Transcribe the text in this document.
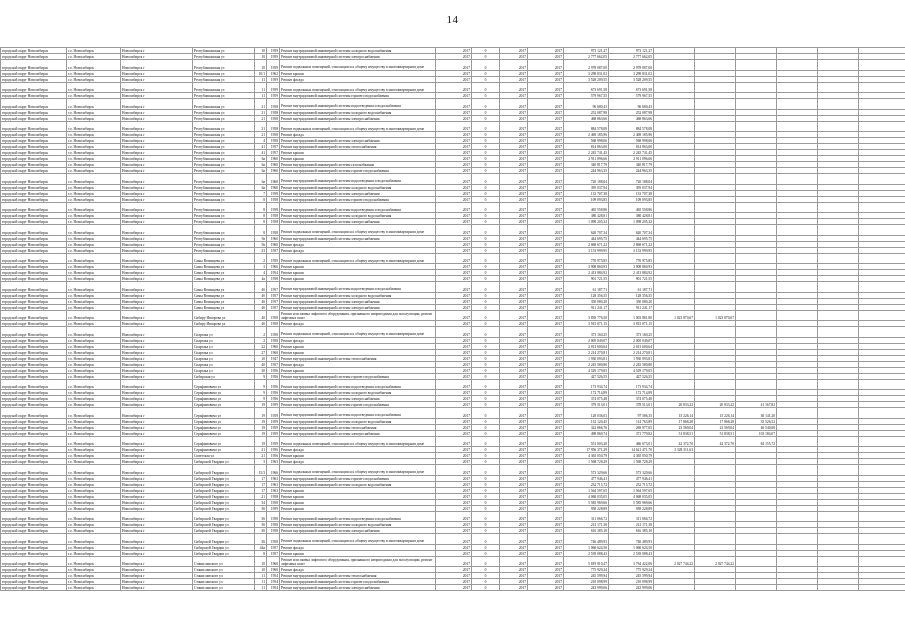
14
городской округ Новосибирск	г.о. Новосибирск	Новосибирск г	Республиканская ул	10	1959	Ремонт внутридомовой инженерной системы холодного водоснабжения	2017	0	2017	2017	973 121,27	973 121,27						
городской округ Новосибирск	г.о. Новосибирск	Новосибирск г	Республиканская ул	10	1959	Ремонт внутридомовой инженерной системы электроснабжения	2017	0	2017	2017	2 777 662,05	2 777 662,05						
городской округ Новосибирск	г.о. Новосибирск	Новосибирск г	Республиканская ул	10	1959	Ремонт подвальных помещений, относящихся к общему имуществу в многоквартирном доме	2017	0	2017	2017	2 978 087,00	2 978 087,00						
городской округ Новосибирск	г.о. Новосибирск	Новосибирск г	Республиканская ул	10/1	1962	Ремонт крыши	2017	0	2017	2017	3 298 831,02	3 298 831,02						
городской округ Новосибирск	г.о. Новосибирск	Новосибирск г	Республиканская ул	11	1959	Ремонт фасада	2017	0	2017	2017	3 528 209,55	3 528 209,55						
городской округ Новосибирск	г.о. Новосибирск	Новосибирск г	Республиканская ул	11	1959	Ремонт подвальных помещений, относящихся к общему имуществу в многоквартирном доме	2017	0	2017	2017	673 691,58	673 691,58						
городской округ Новосибирск	г.о. Новосибирск	Новосибирск г	Республиканская ул	11	1959	Ремонт внутридомовой инженерной системы горячего водоснабжения	2017	0	2017	2017	579 967,55	579 967,55						
городской округ Новосибирск	г.о. Новосибирск	Новосибирск г	Республиканская ул	21	1958	Ремонт внутридомовой инженерной системы водоотведения и водоснабжения	2017	0	2017	2017	96 680,43	96 680,43						
городской округ Новосибирск	г.о. Новосибирск	Новосибирск г	Республиканская ул	21	1958	Ремонт внутридомовой инженерной системы холодного водоснабжения	2017	0	2017	2017	252 087,98	252 087,98						
городской округ Новосибирск	г.о. Новосибирск	Новосибирск г	Республиканская ул	21	1958	Ремонт внутридомовой инженерной системы электроснабжения	2017	0	2017	2017	468 863,66	468 863,66						
городской округ Новосибирск	г.о. Новосибирск	Новосибирск г	Республиканская ул	21	1958	Ремонт подвальных помещений, относящихся к общему имуществу в многоквартирном доме	2017	0	2017	2017	884 578,08	884 578,08						
городской округ Новосибирск	г.о. Новосибирск	Новосибирск г	Республиканская ул	21	1958	Ремонт фасада	2017	0	2017	2017	2 469 185,96	2 469 185,96						
городской округ Новосибирск	г.о. Новосибирск	Новосибирск г	Республиканская ул	4	1958	Ремонт внутридомовой инженерной системы электроснабжения	2017	0	2017	2017	568 998,06	568 998,06						
городской округ Новосибирск	г.о. Новосибирск	Новосибирск г	Республиканская ул	41	1957	Ремонт внутридомовой инженерной системы теплоснабжения	2017	0	2017	2017	814 863,00	814 863,00						
городской округ Новосибирск	г.о. Новосибирск	Новосибирск г	Республиканская ул	41	1957	Ремонт крыши	2017	0	2017	2017	2 245 741,45	2 245 741,45						
городской округ Новосибирск	г.о. Новосибирск	Новосибирск г	Республиканская ул	6а	1960	Ремонт крыши	2017	0	2017	2017	2 911 096,66	2 911 096,66						
городской округ Новосибирск	г.о. Новосибирск	Новосибирск г	Республиканская ул	6а	1960	Ремонт внутридомовой инженерной системы газоснабжения	2017	0	2017	2017	340 817,79	340 817,79						
городской округ Новосибирск	г.о. Новосибирск	Новосибирск г	Республиканская ул	6а	1960	Ремонт внутридомовой инженерной системы горячего водоснабжения	2017	0	2017	2017	244 963,35	244 963,35						
городской округ Новосибирск	г.о. Новосибирск	Новосибирск г	Республиканская ул	6а	1960	Ремонт внутридомовой инженерной системы водоотведения и водоснабжения	2017	0	2017	2017	720 188,04	720 188,04						
городской округ Новосибирск	г.о. Новосибирск	Новосибирск г	Республиканская ул	6а	1960	Ремонт внутридомовой инженерной системы холодного водоснабжения	2017	0	2017	2017	395 037,94	395 037,94						
городской округ Новосибирск	г.о. Новосибирск	Новосибирск г	Республиканская ул	7	1958	Ремонт внутридомовой инженерной системы электроснабжения	2017	0	2017	2017	133 707,38	133 707,38						
городской округ Новосибирск	г.о. Новосибирск	Новосибирск г	Республиканская ул	8	1958	Ремонт внутридомовой инженерной системы горячего водоснабжения	2017	0	2017	2017	109 093,85	109 093,85						
городской округ Новосибирск	г.о. Новосибирск	Новосибирск г	Республиканская ул	8	1958	Ремонт внутридомовой инженерной системы водоотведения и водоснабжения	2017	0	2017	2017	465 558,86	465 558,86						
городской округ Новосибирск	г.о. Новосибирск	Новосибирск г	Республиканская ул	8	1958	Ремонт внутридомовой инженерной системы холодного водоснабжения	2017	0	2017	2017	380 428,81	380 428,81						
городской округ Новосибирск	г.о. Новосибирск	Новосибирск г	Республиканская ул	8	1958	Ремонт внутридомовой инженерной системы электроснабжения	2017	0	2017	2017	1 098 205,32	1 098 205,32						
городской округ Новосибирск	г.о. Новосибирск	Новосибирск г	Республиканская ул	8	1958	Ремонт подвальных помещений, относящихся к общему имуществу в многоквартирном доме	2017	0	2017	2017	620 707,34	620 707,34						
городской округ Новосибирск	г.о. Новосибирск	Новосибирск г	Республиканская ул	9а	1960	Ремонт внутридомовой инженерной системы электроснабжения	2017	0	2017	2017	444 695,75	444 695,75						
городской округ Новосибирск	г.о. Новосибирск	Новосибирск г	Республиканская ул	9а	1960	Ремонт фасада	2017	0	2017	2017	2 868 671,22	2 868 671,22						
городской округ Новосибирск	г.о. Новосибирск	Новосибирск г	Республиканская ул	23	1957	Ремонт фасада	2017	0	2017	2017	3 153 999,95	3 153 999,95						
городской округ Новосибирск	г.о. Новосибирск	Новосибирск г	Самы Вотинцева ул	2	1959	Ремонт подвальных помещений, относящихся к общему имуществу в многоквартирном доме	2017	0	2017	2017	770 975,85	770 975,85						
городской округ Новосибирск	г.о. Новосибирск	Новосибирск г	Самы Вотинцева ул	3	1960	Ремонт крыши	2017	0	2017	2017	3 908 860,93	3 908 860,93						
городской округ Новосибирск	г.о. Новосибирск	Новосибирск г	Самы Вотинцева ул	4	1954	Ремонт крыши	2017	0	2017	2017	2 413 884,92	2 413 884,92						
городской округ Новосибирск	г.о. Новосибирск	Новосибирск г	Самы Вотинцева ул	4а	1958	Ремонт крыши	2017	0	2017	2017	901 721,55	901 721,55						
городской округ Новосибирск	г.о. Новосибирск	Новосибирск г	Самы Вотинцева ул	4б	1957	Ремонт внутридомовой инженерной системы водоотведения и водоснабжения	2017	0	2017	2017	61 187,71	61 187,71						
городской округ Новосибирск	г.о. Новосибирск	Новосибирск г	Самы Вотинцева ул	4б	1957	Ремонт внутридомовой инженерной системы холодного водоснабжения	2017	0	2017	2017	128 356,55	128 356,55						
городской округ Новосибирск	г.о. Новосибирск	Новосибирск г	Самы Вотинцева ул	4б	1957	Ремонт внутридомовой инженерной системы электроснабжения	2017	0	2017	2017	350 080,20	350 080,20						
городской округ Новосибирск	г.о. Новосибирск	Новосибирск г	Самы Вотинцева ул	4б	1957	Ремонт внутридомовой инженерной системы электроснабжения	2017	0	2017	2017	911 241,17	911 241,17						
городской округ Новосибирск	г.о. Новосибирск	Новосибирск г	Сибиру Ивоорева ул	4б	1958	Ремонт или замена лифтового оборудования, признанного непригодным для эксплуатации, ремонт лифтовых шахт	2017	0	2017	2017	3 839 776,50	1 003 881,80	1 023 870,67	1 023 870,67				
городской округ Новосибирск	г.о. Новосибирск	Новосибирск г	Сибиру Ивоорева ул	4б	1958	Ремонт фасада	2017	0	2017	2017	3 915 071,15	3 915 071,15						
городской округ Новосибирск	г.о. Новосибирск	Новосибирск г	Спартака ул	2	1958	Ремонт подвальных помещений, относящихся к общему имуществу в многоквартирном доме	2017	0	2017	2017	373 160,25	373 160,25						
городской округ Новосибирск	г.о. Новосибирск	Новосибирск г	Спартака ул	2	1958	Ремонт фасада	2017	0	2017	2017	2 005 049,07	2 005 049,07						
городской округ Новосибирск	г.о. Новосибирск	Новосибирск г	Спартака ул	22	1960	Ремонт крыши	2017	0	2017	2017	2 013 600,64	2 013 600,64						
городской округ Новосибирск	г.о. Новосибирск	Новосибирск г	Спартака ул	27	1960	Ремонт крыши	2017	0	2017	2017	2 214 270,81	2 214 270,81						
городской округ Новосибирск	г.о. Новосибирск	Новосибирск г	Спартака ул	10	1947	Ремонт внутридомовой инженерной системы теплоснабжения	2017	0	2017	2017	1 930 093,81	1 930 093,81						
городской округ Новосибирск	г.о. Новосибирск	Новосибирск г	Спартака ул	40	1957	Ремонт фасада	2017	0	2017	2017	2 245 580,80	2 245 580,80						
городской округ Новосибирск	г.о. Новосибирск	Новосибирск г	Спартака ул	30	1956	Ремонт крыши	2017	0	2017	2017	4 529 179,05	4 529 179,05						
городской округ Новосибирск	г.о. Новосибирск	Новосибирск г	Сибирская ул	9	1956	Ремонт внутридомовой инженерной системы горячего водоснабжения	2017	0	2017	2017	427 526,55	427 526,55						
городской округ Новосибирск	г.о. Новосибирск	Новосибирск г	Серафимовича ул	9	1956	Ремонт внутридомовой инженерной системы водоотведения и водоснабжения	2017	0	2017	2017	173 934,74	173 934,74						
городской округ Новосибирск	г.о. Новосибирск	Новосибирск г	Серафимовича ул	9	1956	Ремонт внутридомовой инженерной системы холодного водоснабжения	2017	0	2017	2017	172 714,89	172 714,89						
городской округ Новосибирск	г.о. Новосибирск	Новосибирск г	Серафимовича ул	9	1956	Ремонт внутридомовой инженерной системы электроснабжения	2017	0	2017	2017	374 075,48	374 075,48						
городской округ Новосибирск	г.о. Новосибирск	Новосибирск г	Серафимовича ул	19	1959	Ремонт внутридомовой инженерной системы горячего водоснабжения	2017	0	2017	2017	379 513,01	378 513,01	20 833,22	20 833,22	41 167,82			
городской округ Новосибирск	г.о. Новосибирск	Новосибирск г	Серафимовича ул	19	1959	Ремонт внутридомовой инженерной системы водоотведения и водоснабжения	2017	0	2017	2017	128 036,03	97 586,35	15 226,14	15 226,14	30 141,20			
городской округ Новосибирск	г.о. Новосибирск	Новосибирск г	Серафимовича ул	19	1959	Ремонт внутридомовой инженерной системы холодного водоснабжения	2017	0	2017	2017	152 120,45	114 763,89	17 868,28	17 868,28	35 526,52			
городской округ Новосибирск	г.о. Новосибирск	Новосибирск г	Серафимовича ул	19	1959	Ремонт внутридомовой инженерной системы теплоснабжения	2017	0	2017	2017	322 866,76	269 977,65	23 569,04	23 569,04	46 540,08			
городской округ Новосибирск	г.о. Новосибирск	Новосибирск г	Серафимовича ул	19	1959	Ремонт внутридомовой инженерной системы электроснабжения	2017	0	2017	2017	498 869,74	371 779,82	51 838,51	51 838,51	103 184,07			
городской округ Новосибирск	г.о. Новосибирск	Новосибирск г	Серафимовича ул	19	1959	Ремонт подвальных помещений, относящихся к общему имуществу в многоквартирном доме	2017	0	2017	2017	551 003,20	466 673,01	42 372,70	42 372,70	84 155,72			
городской округ Новосибирск	г.о. Новосибирск	Новосибирск г	Серафимовича ул	21	1956	Ремонт фасада	2017	0	2017	2017	17 956 371,29	14 621 471,70	3 328 311,63					
городской округ Новосибирск	г.о. Новосибирск	Новосибирск г	Советская ул	21	1956	Ремонт крыши	2017	0	2017	2017	4 365 050,79	4 365 050,79						
городской округ Новосибирск	г.о. Новосибирск	Новосибирск г	Сибирской Гвардии ул	3	1963	Ремонт фасада	2017	0	2017	2017	1 568 728,29	1 568 728,29						
городской округ Новосибирск	г.о. Новосибирск	Новосибирск г	Сибирской Гвардии ул	15/3	1966	Ремонт подвальных помещений, относящихся к общему имуществу в многоквартирном доме	2017	0	2017	2017	573 329,66	573 329,66						
городской округ Новосибирск	г.о. Новосибирск	Новосибирск г	Сибирской Гвардии ул	17	1963	Ремонт внутридомовой инженерной системы горячего водоснабжения	2017	0	2017	2017	477 946,41	477 946,41						
городской округ Новосибирск	г.о. Новосибирск	Новосибирск г	Сибирской Гвардии ул	17	1963	Ремонт внутридомовой инженерной системы холодного водоснабжения	2017	0	2017	2017	232 715,72	232 715,72						
городской округ Новосибирск	г.о. Новосибирск	Новосибирск г	Сибирской Гвардии ул	17	1963	Ремонт крыши	2017	0	2017	2017	1 564 597,65	1 564 597,65						
городской округ Новосибирск	г.о. Новосибирск	Новосибирск г	Сибирской Гвардии ул	21	1958	Ремонт крыши	2017	0	2017	2017	4 068 035,05	4 068 035,05						
городской округ Новосибирск	г.о. Новосибирск	Новосибирск г	Сибирской Гвардии ул	34	1958	Ремонт крыши	2017	0	2017	2017	5 585 969,66	5 585 969,66						
городской округ Новосибирск	г.о. Новосибирск	Новосибирск г	Сибирской Гвардии ул	36	1959	Ремонт крыши	2017	0	2017	2017	958 228,89	958 228,89						
городской округ Новосибирск	г.о. Новосибирск	Новосибирск г	Сибирской Гвардии ул	36	1958	Ремонт внутридомовой инженерной системы водоотведения и водоснабжения	2017	0	2017	2017	311 066,72	311 066,72						
городской округ Новосибирск	г.о. Новосибирск	Новосибирск г	Сибирской Гвардии ул	36	1958	Ремонт внутридомовой инженерной системы холодного водоснабжения	2017	0	2017	2017	212 171,38	212 171,38						
городской округ Новосибирск	г.о. Новосибирск	Новосибирск г	Сибирской Гвардии ул	36	1958	Ремонт внутридомовой инженерной системы электроснабжения	2017	0	2017	2017	616 385,10	616 385,10						
городской округ Новосибирск	г.о. Новосибирск	Новосибирск г	Сибирской Гвардии ул	36	1958	Ремонт подвальных помещений, относящихся к общему имуществу в многоквартирном доме	2017	0	2017	2017	746 489,93	746 489,93						
городской округ Новосибирск	г.о. Новосибирск	Новосибирск г	Сибирской Гвардии ул	44а	1957	Ремонт фасада	2017	0	2017	2017	1 060 624,50	1 060 624,50						
городской округ Новосибирск	г.о. Новосибирск	Новосибирск г	Сибирской Гвардии ул	8	1957	Ремонт крыши	2017	0	2017	2017	2 539 088,43	2 539 088,43						
городской округ Новосибирск	г.о. Новосибирск	Новосибирск г	Станиславского ул	10	1960	Ремонт или замена лифтового оборудования, признанного непригодным для эксплуатации, ремонт лифтовых шахт	2017	0	2017	2017	5 819 910,47	3 764 422,06	2 027 744,22	2 027 744,22				
городской округ Новосибирск	г.о. Новосибирск	Новосибирск г	Станиславского ул	10	1960	Ремонт фасада	2017	0	2017	2017	775 929,24	775 929,24						
городской округ Новосибирск	г.о. Новосибирск	Новосибирск г	Станиславского ул	11	1954	Ремонт внутридомовой инженерной системы теплоснабжения	2017	0	2017	2017	245 599,94	245 599,94						
городской округ Новосибирск	г.о. Новосибирск	Новосибирск г	Станиславского ул	11	1954	Ремонт внутридомовой инженерной системы горячего водоснабжения	2017	0	2017	2017	210 098,99	210 098,99						
городской округ Новосибирск	г.о. Новосибирск	Новосибирск г	Станиславского ул	11	1954	Ремонт внутридомовой инженерной системы электроснабжения	2017	0	2017	2017	243 999,06	243 999,06						
